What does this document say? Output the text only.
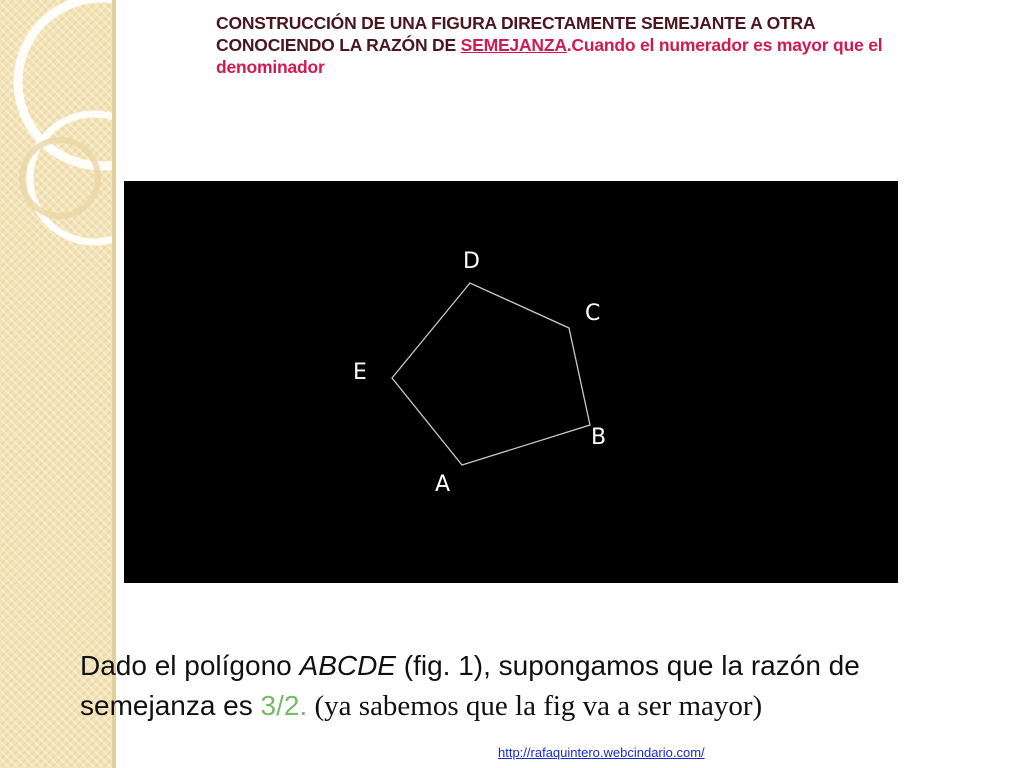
CONSTRUCCIÓN DE UNA FIGURA DIRECTAMENTE SEMEJANTE A OTRA
CONOCIENDO LA RAZÓN DE SEMEJANZA.Cuando el numerador es mayor que el
denominador
A
B
C
D
E
Dado el polígono ABCDE (fig. 1), supongamos que la razón de
semejanza es 3/2. (ya sabemos que la fig va a ser mayor)
http://rafaquintero.webcindario.com/
